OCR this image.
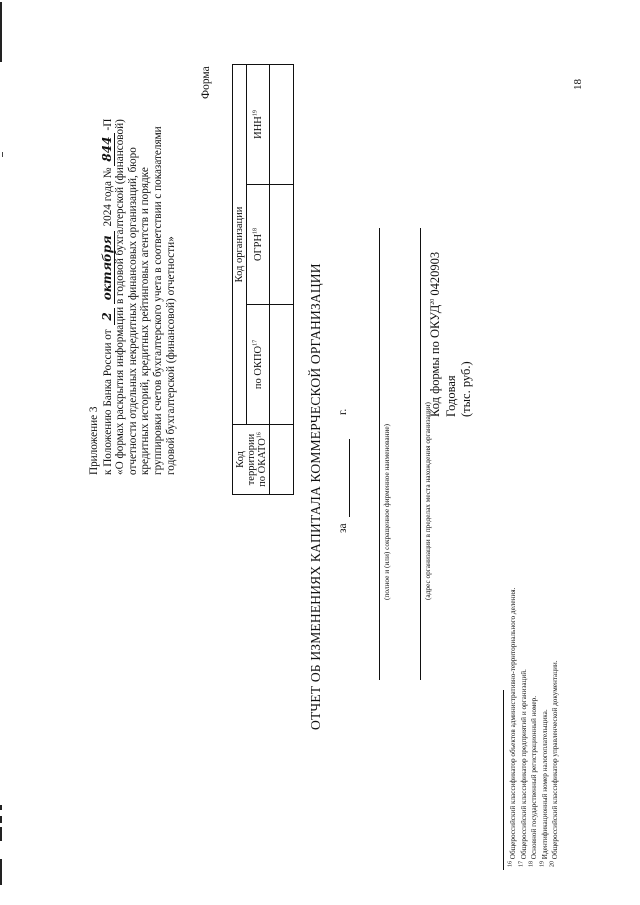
Приложение 3 к Положению Банка России от 2октября 2024 года №844-П «О формах раскрытия информации в годовой бухгалтерской (финансовой) отчетности отдельных некредитных финансовых организаций, бюро кредитных историй, кредитных рейтинговых агентств и порядке группировки счетов бухгалтерского учета в соответствии с показателями годовой бухгалтерской (финансовой) отчетности»
Форма
Код территории по ОКАТО$^{16}$	Код организации		
	по ОКПО$^{17}$	ОГРН$^{18}$	ИНН$^{19}$

ОТЧЕТ ОБ ИЗМЕНЕНИЯХ КАПИТАЛА КОММЕРЧЕСКОЙ ОРГАНИЗАЦИИ за
г.
(полное и (или) сокращенное фирменное наименование)	(адрес организации в пределах места нахождения организации)
Код формы по ОКУД$^{20}$ 0420903
Годовая (тыс. руб.)
$^{16}$ Общероссийский классификатор объектов административно-территориального деления.
$^{17}$ Общероссийский классификатор предприятий и организаций.
$^{18}$ Основной государственный регистрационный номер.
$^{19}$ Идентификационный номер налогоплательщика.
$^{20}$ Общероссийский классификатор управленческой документации.
18
